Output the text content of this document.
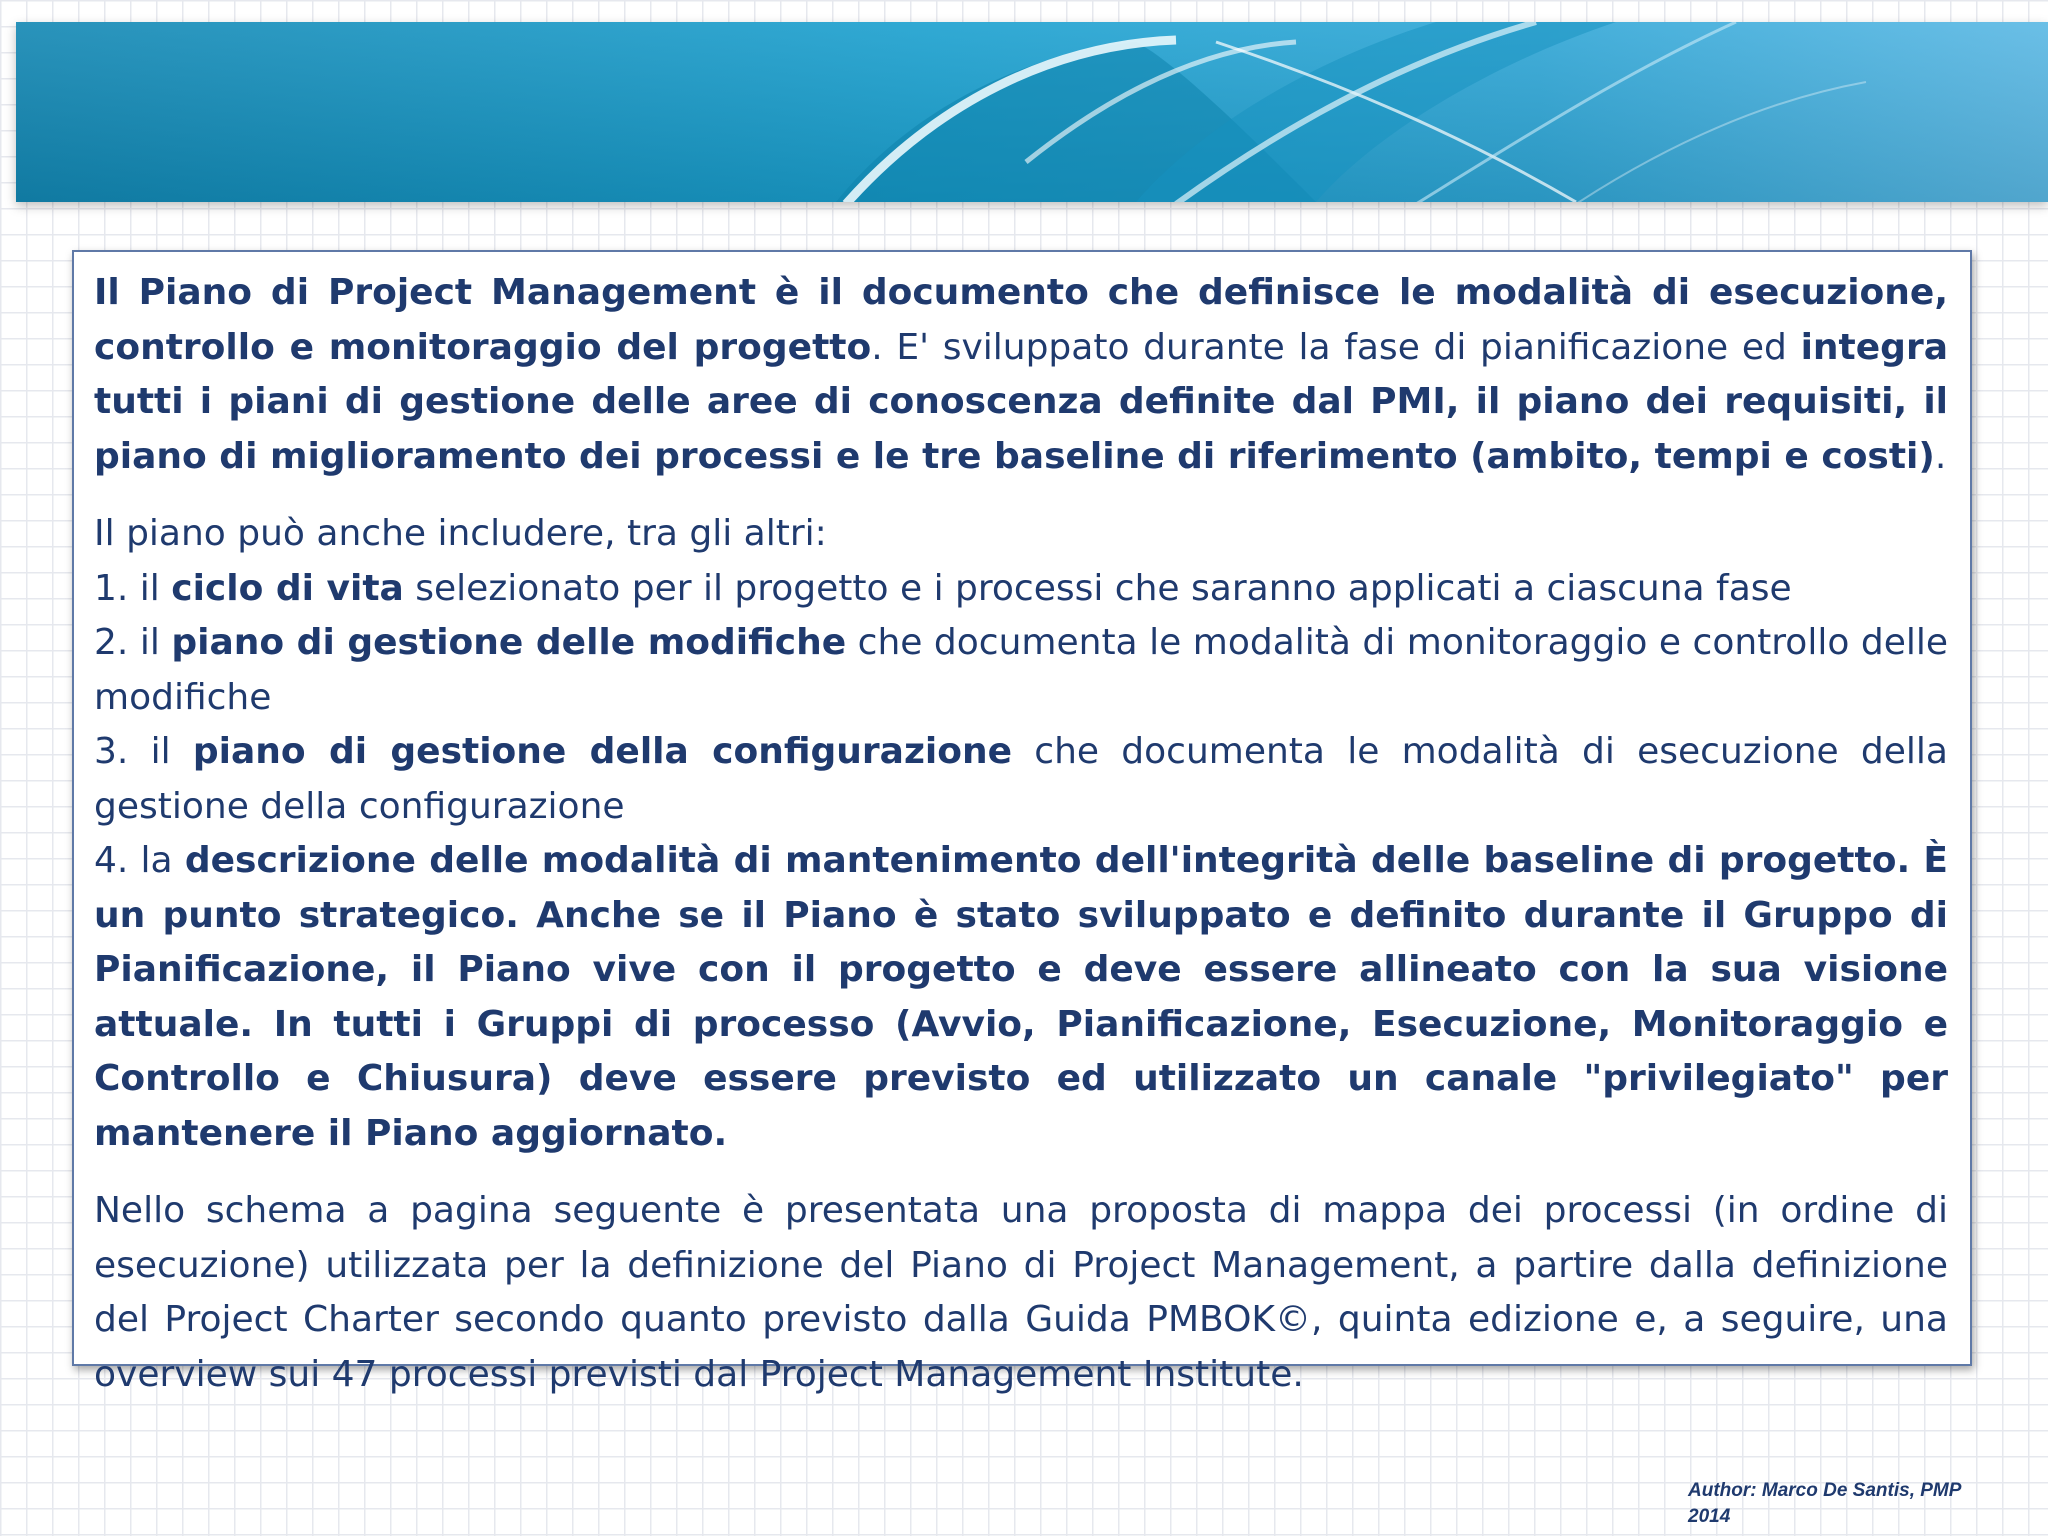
Il Piano di Project Management è il documento che definisce le modalità di esecuzione, controllo e monitoraggio del progetto. E' sviluppato durante la fase di pianificazione ed integra tutti i piani di gestione delle aree di conoscenza definite dal PMI, il piano dei requisiti, il piano di miglioramento dei processi e le tre baseline di riferimento (ambito, tempi e costi).

Il piano può anche includere, tra gli altri:
1. il ciclo di vita selezionato per il progetto e i processi che saranno applicati a ciascuna fase
2. il piano di gestione delle modifiche che documenta le modalità di monitoraggio e controllo delle modifiche
3. il piano di gestione della configurazione che documenta le modalità di esecuzione della gestione della configurazione
4. la descrizione delle modalità di mantenimento dell'integrità delle baseline di progetto. È un punto strategico. Anche se il Piano è stato sviluppato e definito durante il Gruppo di Pianificazione, il Piano vive con il progetto e deve essere allineato con la sua visione attuale. In tutti i Gruppi di processo (Avvio, Pianificazione, Esecuzione, Monitoraggio e Controllo e Chiusura) deve essere previsto ed utilizzato un canale "privilegiato" per mantenere il Piano aggiornato.

Nello schema a pagina seguente è presentata una proposta di mappa dei processi (in ordine di esecuzione) utilizzata per la definizione del Piano di Project Management, a partire dalla definizione del Project Charter secondo quanto previsto dalla Guida PMBOK©, quinta edizione e, a seguire, una overview sui 47 processi previsti dal Project Management Institute.

Author: Marco De Santis, PMP
2014
